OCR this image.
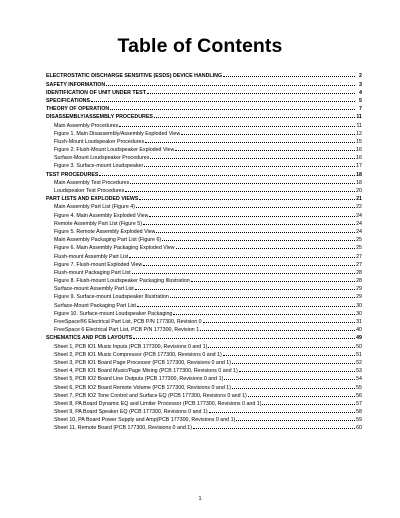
Table of Contents
ELECTROSTATIC DISCHARGE SENSITIVE (ESDS) DEVICE HANDLING	2
SAFETY INFORMATION	3
IDENTIFICATION OF UNIT UNDER TEST	4
SPECIFICATIONS	5
THEORY OF OPERATION	7
DISASSEMBLY/ASSEMBLY PROCEDURES	11
Main Assembly Procedures	11
Figure 1. Main Disassembly/Assembly Exploded View	12
Flush-Mount Loudspeaker Procedures	15
Figure 2. Flush-Mount Loudspeaker Exploded View	16
Surface-Mount Loudspeaker Procedures	16
Figure 3. Surface-mount Loudspeaker	17
TEST PROCEDURES	18
Main Assembly Test Procedures	18
Loudspeaker Test Procedures	20
PART LISTS AND EXPLODED VIEWS	21
Main Assembly Part List (Figure 4)	22
Figure 4. Main Assembly Exploded View	24
Remote Assembly Part List (Figure 5)	24
Figure 5. Remote Assembly Exploded View	24
Main Assembly Packaging Part List (Figure 6)	25
Figure 6. Main Assembly Packaging Exploded View	25
Flush-mount Assembly Part List	27
Figure 7. Flush-mount Exploded View	27
Flush-mount Packaging Part List	28
Figure 8. Flush-mount Loudspeaker Packaging Illustration	28
Surface-mount Assembly Part List	29
Figure 9. Surface-mount Loudspeaker Illustration	29
Surface-Mount Packaging Part List	30
Figure 10. Surface-mount Loudspeaker Packaging	30
FreeSpace®6 Electrical Part List, PCB P/N 177300, Revision 0	31
FreeSpace 6 Electrical Part List, PCB P/N 177300, Revision 1	40
SCHEMATICS AND PCB LAYOUTS	49
Sheet 1, PCB IO1 Music Inputs (PCB 177300, Revisions 0 and 1)	50
Sheet 2, PCB IO1 Music Compressor (PCB 177300, Revisions 0 and 1)	51
Sheet 3, PCB IO1 Board Page Processor (PCB 177300, Revisions 0 and 1)	52
Sheet 4, PCB IO1 Board Music/Page Mixing (PCB 177300, Revisions 0 and 1)	53
Sheet 5, PCB IO2 Board Line Outputs (PCB 177300, Revisions 0 and 1)	54
Sheet 6, PCB IO2 Board Remote Volume (PCB 177300, Revisions 0 and 1)	55
Sheet 7, PCB IO2 Tone Control and Surface EQ (PCB 177300, Revisions 0 and 1)	56
Sheet 8, PA Board Dynamic EQ and Limiter Processor (PCB 177300, Revisions 0 and 1)	57
Sheet 9, PA Board Speaker EQ (PCB 177300, Revisions 0 and 1)	58
Sheet 10, PA Board Power Supply and Amp(PCB 177300, Revisions 0 and 1)	59
Sheet 11, Remote Board (PCB 177300, Revisions 0 and 1)	60
1
